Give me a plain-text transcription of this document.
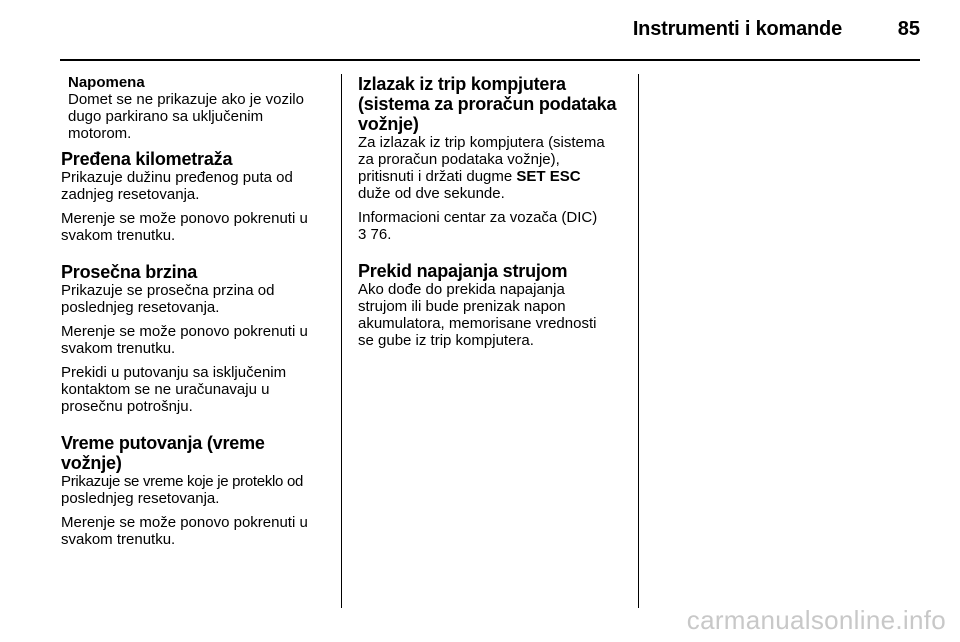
Instrumenti i komande	85
Napomena
Domet se ne prikazuje ako je vozilo
dugo parkirano sa uključenim
motorom.
Pređena kilometraža

Prikazuje dužinu pređenog puta od

zadnjeg resetovanja.

Merenje se može ponovo pokrenuti u

svakom trenutku.

Prosečna brzina

Prikazuje se prosečna przina od

poslednjeg resetovanja.

Merenje se može ponovo pokrenuti u

svakom trenutku.

Prekidi u putovanju sa isključenim

kontaktom se ne uračunavaju u

prosečnu potrošnju.

Vreme putovanja (vreme
vožnje)

Prikazuje se vreme koje je proteklo od

poslednjeg resetovanja.

Merenje se može ponovo pokrenuti u

svakom trenutku.

Izlazak iz trip kompjutera
(sistema za proračun podataka
vožnje)

Za izlazak iz trip kompjutera (sistema

za proračun podataka vožnje),

pritisnuti i držati dugme SET ESC

duže od dve sekunde.

Informacioni centar za vozača (DIC)

3 76.

Prekid napajanja strujom

Ako dođe do prekida napajanja

strujom ili bude prenizak napon

akumulatora, memorisane vrednosti

se gube iz trip kompjutera.

carmanualsonline.info
